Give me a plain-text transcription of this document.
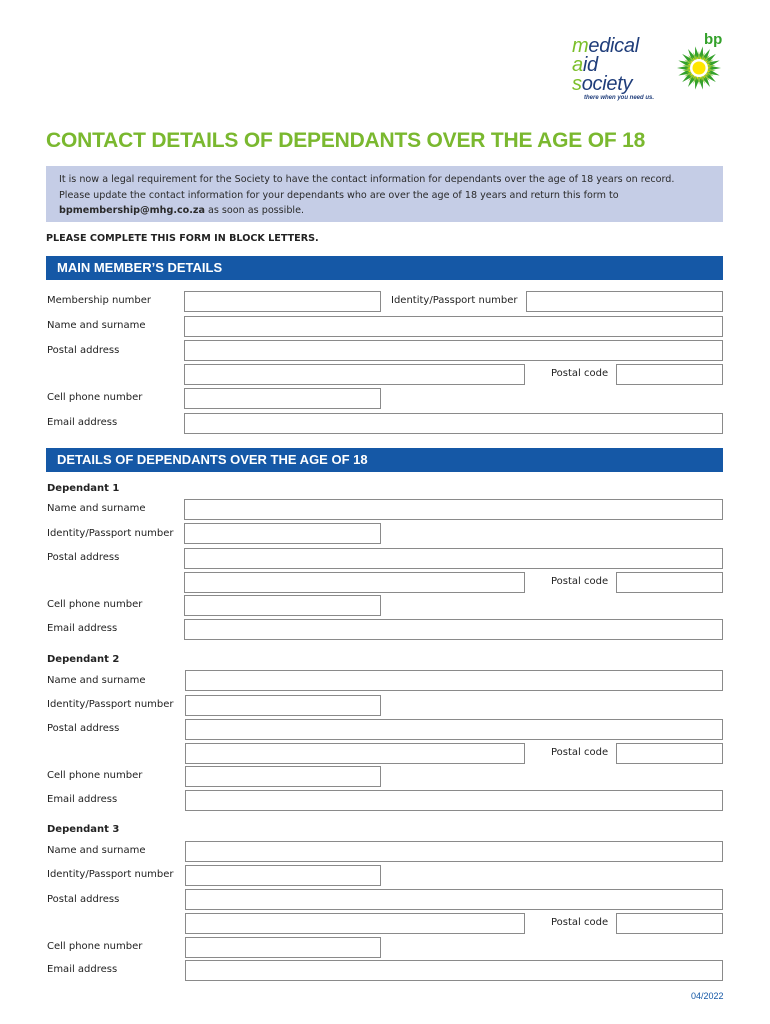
medical
aid
society
there when you need us.
bp
CONTACT DETAILS OF DEPENDANTS OVER THE AGE OF 18
It is now a legal requirement for the Society to have the contact information for dependants over the age of 18 years on record.
Please update the contact information for your dependants who are over the age of 18 years and return this form to
bpmembership@mhg.co.za as soon as possible.
PLEASE COMPLETE THIS FORM IN BLOCK LETTERS.
MAIN MEMBER’S DETAILS
Membership number	Identity/Passport number
Name and surname
Postal address
Postal code
Cell phone number
Email address
DETAILS OF DEPENDANTS OVER THE AGE OF 18
Dependant 1
Name and surname
Identity/Passport number
Postal address
Postal code
Cell phone number
Email address
Dependant 2
Name and surname
Identity/Passport number
Postal address
Postal code
Cell phone number
Email address
Dependant 3
Name and surname
Identity/Passport number
Postal address
Postal code
Cell phone number
Email address
04/2022
